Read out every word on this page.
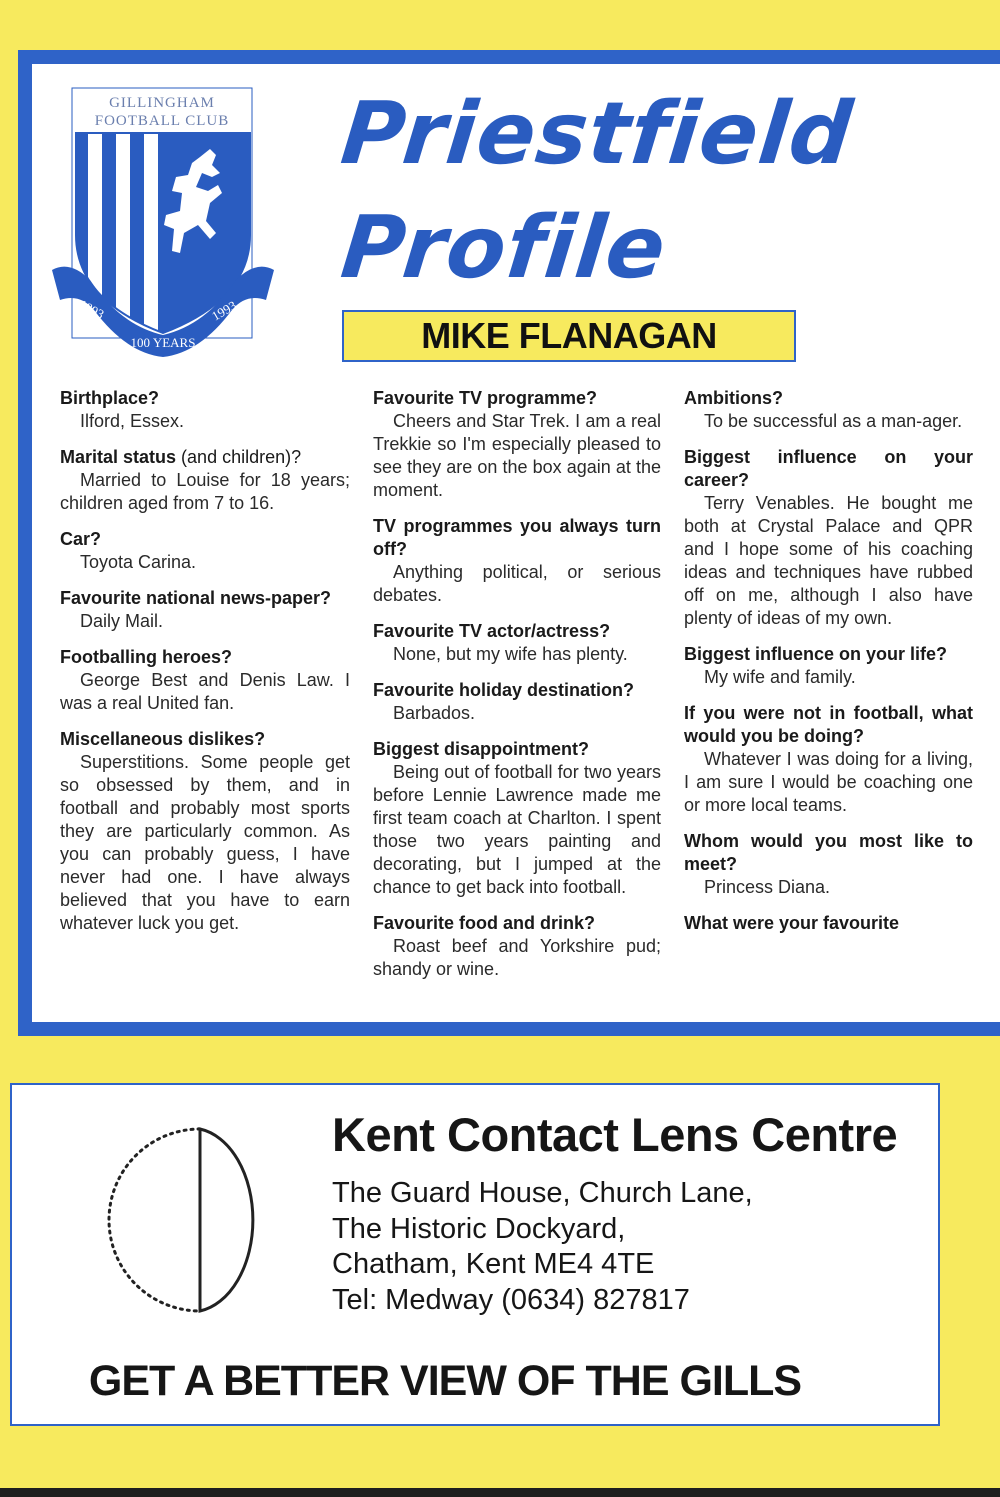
GILLINGHAM
FOOTBALL CLUB
1893	1993
100 YEARS
Priestfield
Profile
MIKE FLANAGAN
Birthplace?
Ilford, Essex.
Marital status (and children)?
Married to Louise for 18 years; children aged from 7 to 16.
Car?
Toyota Carina.
Favourite national news-paper?
Daily Mail.
Footballing heroes?
George Best and Denis Law. I was a real United fan.
Miscellaneous dislikes?
Superstitions. Some people get so obsessed by them, and in football and probably most sports they are particularly common. As you can probably guess, I have never had one. I have always believed that you have to earn whatever luck you get.
Favourite TV programme?
Cheers and Star Trek. I am a real Trekkie so I'm especially pleased to see they are on the box again at the moment.
TV programmes you always turn off?
Anything political, or serious debates.
Favourite TV actor/actress?
None, but my wife has plenty.
Favourite holiday destination?
Barbados.
Biggest disappointment?
Being out of football for two years before Lennie Lawrence made me first team coach at Charlton. I spent those two years painting and decorating, but I jumped at the chance to get back into football.
Favourite food and drink?
Roast beef and Yorkshire pud; shandy or wine.
Ambitions?
To be successful as a man-ager.
Biggest influence on your career?
Terry Venables. He bought me both at Crystal Palace and QPR and I hope some of his coaching ideas and techniques have rubbed off on me, although I also have plenty of ideas of my own.
Biggest influence on your life?
My wife and family.
If you were not in football, what would you be doing?
Whatever I was doing for a living, I am sure I would be coaching one or more local teams.
Whom would you most like to meet?
Princess Diana.
What were your favourite
Kent Contact Lens Centre

The Guard House, Church Lane,

The Historic Dockyard,

Chatham, Kent ME4 4TE

Tel: Medway (0634) 827817

GET A BETTER VIEW OF THE GILLS
